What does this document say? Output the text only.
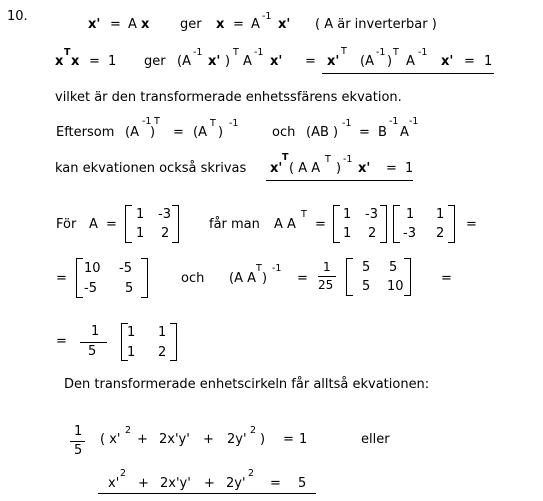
10.
x' = A x ger x = A
-1
x' ( A är inverterbar )
x
T
x = 1 ger (A
-1
x' )
T
A
-1
x' = x'
T
(A
-1
)
T
A
-1
x' = 1
vilket är den transformerade enhetssfärens ekvation.
Eftersom (A
-1
)
T
= (A
T
)
-1
och (AB )
-1
= B
-1
A
-1
kan ekvationen också skrivas x'
T
( A A
T
)
-1
x' = 1
För A =
1 -3
1 2
får man A A
T
=
1 -3
1 2
1 1
-3 2
=
=
10 -5
-5 5
och (A A
T
)
-1
=
1
25
5 5
5 10
=
=
1
5
1 1
1 2
Den transformerade enhetscirkeln får alltså ekvationen:
1
5
( x'
2
+ 2x'y' + 2y'
2
) = 1	eller
x'
2
+ 2x'y' + 2y'
2
= 5
